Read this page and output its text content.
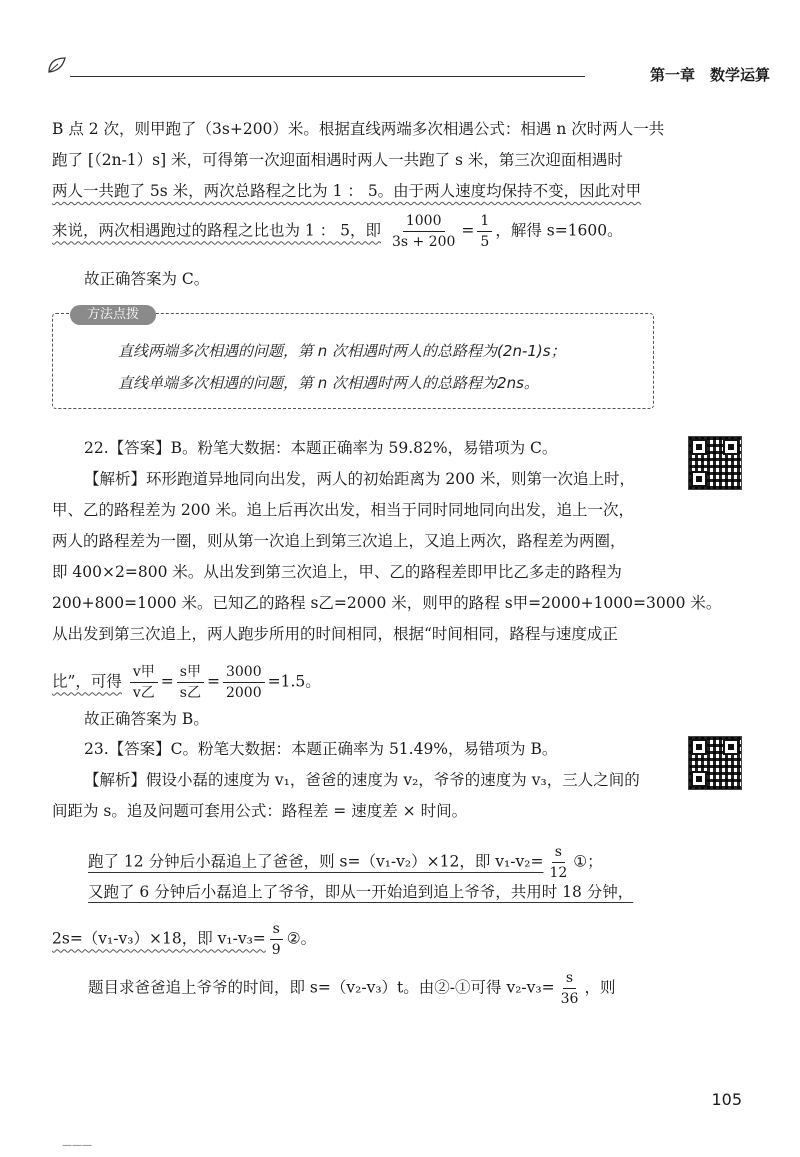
第一章　数学运算
B 点 2 次，则甲跑了（3s+200）米。根据直线两端多次相遇公式：相遇 n 次时两人一共
跑了 [（2n-1）s] 米，可得第一次迎面相遇时两人一共跑了 s 米，第三次迎面相遇时
两人一共跑了 5s 米，两次总路程之比为 1 ： 5。由于两人速度均保持不变，因此对甲
来说，两次相遇跑过的路程之比也为 1 ： 5，即 $\frac{1000}{3s + 200} = \frac{1}{5}$ ，解得 s=1600。
故正确答案为 C。
方法点拨
直线两端多次相遇的问题，第 n 次相遇时两人的总路程为(2n-1)s；
直线单端多次相遇的问题，第 n 次相遇时两人的总路程为2ns。
22.【答案】B。粉笔大数据：本题正确率为 59.82%，易错项为 C。
【解析】环形跑道异地同向出发，两人的初始距离为 200 米，则第一次追上时，
甲、乙的路程差为 200 米。追上后再次出发，相当于同时同地同向出发，追上一次，
两人的路程差为一圈，则从第一次追上到第三次追上，又追上两次，路程差为两圈，
即 400×2=800 米。从出发到第三次追上，甲、乙的路程差即甲比乙多走的路程为
200+800=1000 米。已知乙的路程 s乙=2000 米，则甲的路程 s甲=2000+1000=3000 米。
从出发到第三次追上，两人跑步所用的时间相同，根据“时间相同，路程与速度成正
比”，可得 $\frac{\text{v甲}}{\text{v乙}} = \frac{\text{s甲}}{\text{s乙}} = \frac{3000}{2000} =1.5$。
故正确答案为 B。
23.【答案】C。粉笔大数据：本题正确率为 51.49%，易错项为 B。
【解析】假设小磊的速度为 v₁，爸爸的速度为 v₂，爷爷的速度为 v₃，三人之间的
间距为 s。追及问题可套用公式：路程差 = 速度差 × 时间。
跑了 12 分钟后小磊追上了爸爸，则 s=（v₁-v₂）×12，即 $v_1-v_2= \frac{s}{12}$ ①；
又跑了 6 分钟后小磊追上了爷爷，即从一开始追到追上爷爷，共用时 18 分钟，
2s=（v₁-v₃）×18，即 $v_1-v_3= \frac{s}{9}$ ②。
题目求爸爸追上爷爷的时间，即 s=（v₂-v₃）t。由②-①可得 $v_2-v_3= \frac{s}{36}$ ，则
105
———
